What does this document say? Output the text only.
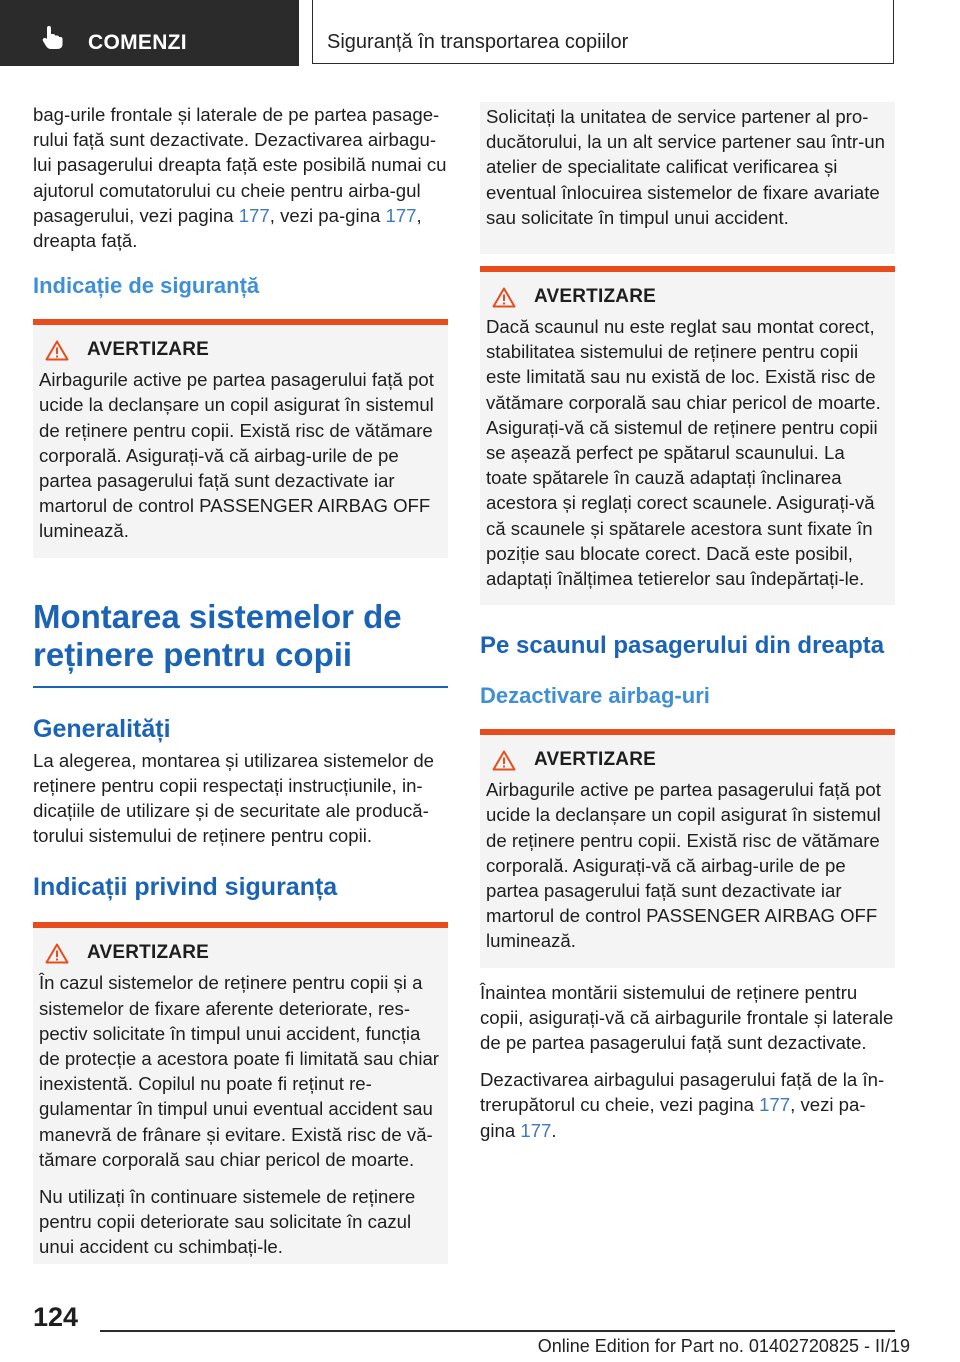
COMENZI	Siguranță în transportarea copiilor

bag-urile frontale și laterale de pe partea pasage-rului față sunt dezactivate. Dezactivarea airbagu-lui pasagerului dreapta față este posibilă numai cu ajutorul comutatorului cu cheie pentru airba-gul pasagerului, vezi pagina 177, vezi pa-gina 177, dreapta față.

Indicație de siguranță
AVERTIZARE

Airbagurile active pe partea pasagerului față pot ucide la declanșare un copil asigurat în sistemul de reținere pentru copii. Există risc de vătămare corporală. Asigurați-vă că airbag-urile de pe partea pasagerului față sunt dezactivate iar martorul de control PASSENGER AIRBAG OFF luminează.

Montarea sistemelor de reținere pentru copii
Generalități

La alegerea, montarea și utilizarea sistemelor de reținere pentru copii respectați instrucțiunile, in-dicațiile de utilizare și de securitate ale producă-torului sistemului de reținere pentru copii.

Indicații privind siguranța
AVERTIZARE

În cazul sistemelor de reținere pentru copii și a sistemelor de fixare aferente deteriorate, res-pectiv solicitate în timpul unui accident, funcția de protecție a acestora poate fi limitată sau chiar inexistentă. Copilul nu poate fi reținut re-gulamentar în timpul unui eventual accident sau manevră de frânare și evitare. Există risc de vă-tămare corporală sau chiar pericol de moarte.

Nu utilizați în continuare sistemele de reținere pentru copii deteriorate sau solicitate în cazul unui accident cu schimbați-le.

Solicitați la unitatea de service partener al pro-ducătorului, la un alt service partener sau într-un atelier de specialitate calificat verificarea și eventual înlocuirea sistemelor de fixare avariate sau solicitate în timpul unui accident.

AVERTIZARE

Dacă scaunul nu este reglat sau montat corect, stabilitatea sistemului de reținere pentru copii este limitată sau nu există de loc. Există risc de vătămare corporală sau chiar pericol de moarte. Asigurați-vă că sistemul de reținere pentru copii se așează perfect pe spătarul scaunului. La toate spătarele în cauză adaptați înclinarea acestora și reglați corect scaunele. Asigurați-vă că scaunele și spătarele acestora sunt fixate în poziție sau blocate corect. Dacă este posibil, adaptați înălțimea tetierelor sau îndepărtați-le.

Pe scaunul pasagerului din dreapta
Dezactivare airbag-uri
AVERTIZARE

Airbagurile active pe partea pasagerului față pot ucide la declanșare un copil asigurat în sistemul de reținere pentru copii. Există risc de vătămare corporală. Asigurați-vă că airbag-urile de pe partea pasagerului față sunt dezactivate iar martorul de control PASSENGER AIRBAG OFF luminează.

Înaintea montării sistemului de reținere pentru copii, asigurați-vă că airbagurile frontale și laterale de pe partea pasagerului față sunt dezactivate.

Dezactivarea airbagului pasagerului față de la în-trerupătorul cu cheie, vezi pagina 177, vezi pa-gina 177.

124
Online Edition for Part no. 01402720825 - II/19
